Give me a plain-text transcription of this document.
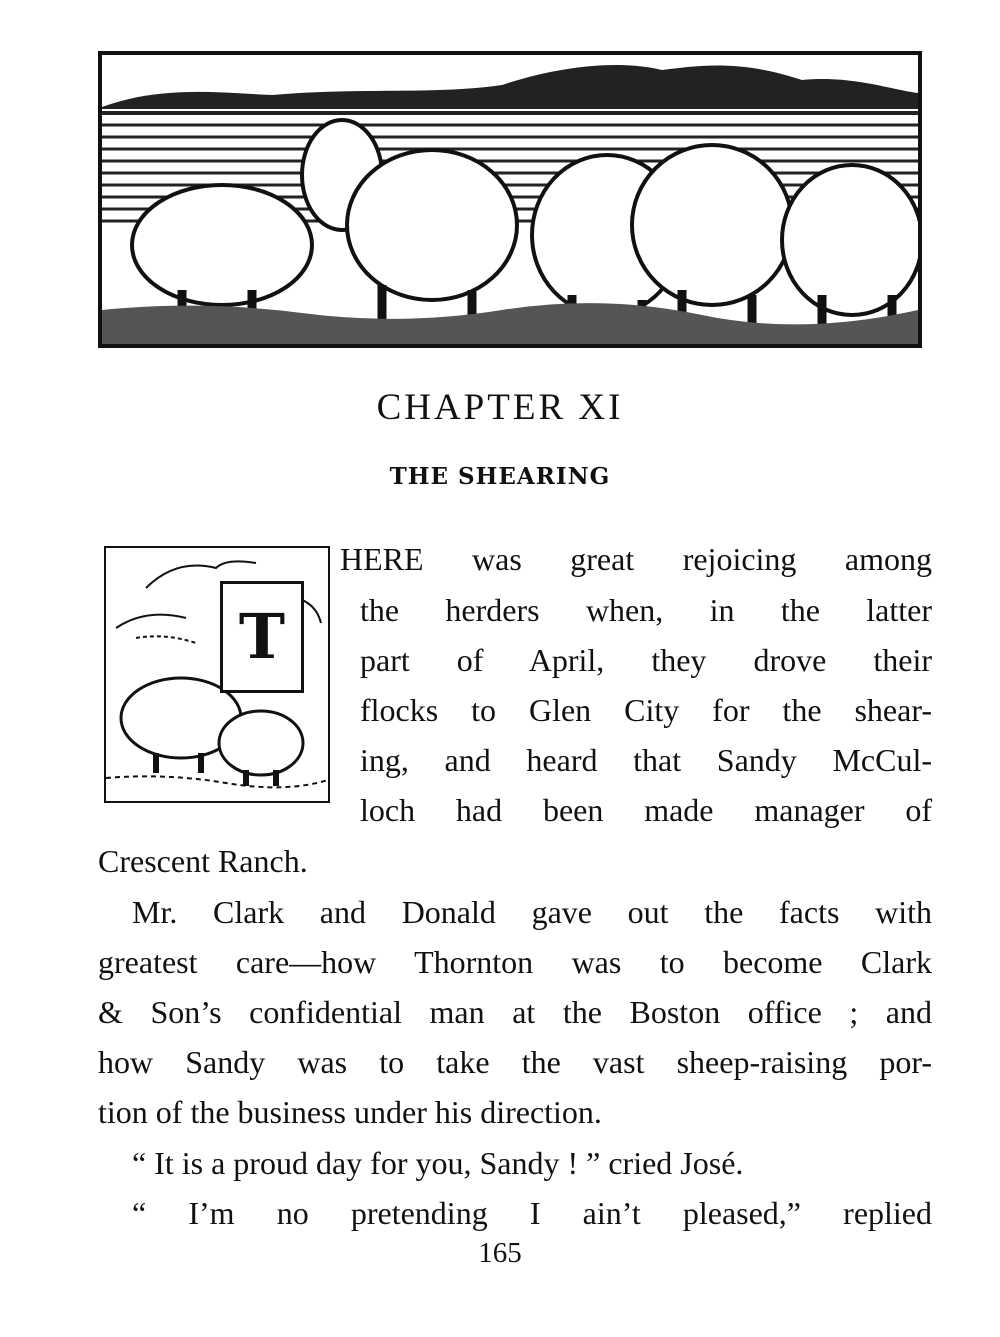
CHAPTER XI
THE SHEARING
T
HERE was great rejoicing among
the herders when, in the latter
part of April, they drove their
flocks to Glen City for the shear-
ing, and heard that Sandy McCul-
loch had been made manager of
Crescent Ranch.
Mr. Clark and Donald gave out the facts with
greatest care—how Thornton was to become Clark
& Son’s confidential man at the Boston office ; and
how Sandy was to take the vast sheep-raising por-
tion of the business under his direction.
“ It is a proud day for you, Sandy ! ” cried José.
“ I’m no pretending I ain’t pleased,” replied
165
